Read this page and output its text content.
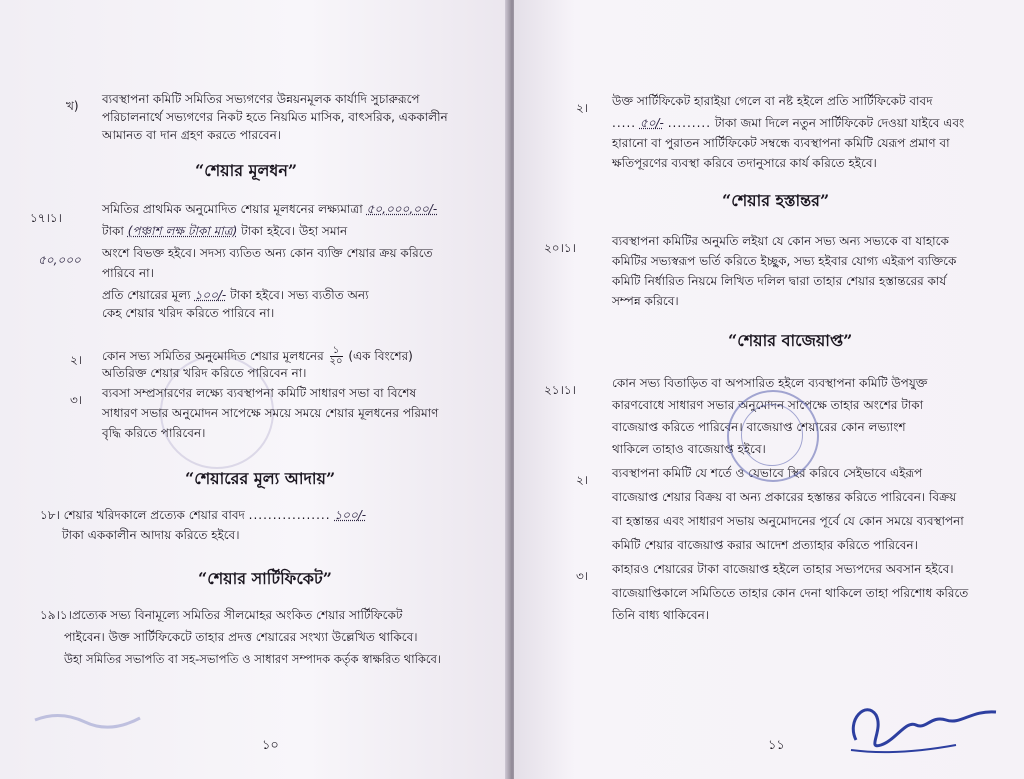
খ) ব্যবস্থাপনা কমিটি সমিতির সভ্যগণের উন্নয়নমূলক কার্যাদি সুচারুরূপে
পরিচালনার্থে সভ্যগণের নিকট হতে নিয়মিত মাসিক, বাৎসরিক, এককালীন
আমানত বা দান গ্রহণ করতে পারবেন।
“শেয়ার মূলধন”
১৭।১।
সমিতির প্রাথমিক অনুমোদিত শেয়ার মূলধনের লক্ষ্যমাত্রা ৫০,০০০,০০/-
টাকা (পঞ্চাশ লক্ষ টাকা মাত্র) টাকা হইবে। উহা সমান
৫০,০০০ অংশে বিভক্ত হইবে। সদস্য ব্যতিত অন্য কোন ব্যক্তি শেয়ার ক্রয় করিতে
পারিবে না।
প্রতি শেয়ারের মূল্য ১০০/- টাকা হইবে। সভ্য ব্যতীত অন্য
কেহ শেয়ার খরিদ করিতে পারিবে না।
২। কোন সভ্য সমিতির অনুমোদিত শেয়ার মূলধনের ১
২০ (এক বিংশের)
অতিরিক্ত শেয়ার খরিদ করিতে পারিবেন না।
৩। ব্যবসা সম্প্রসারণের লক্ষ্যে ব্যবস্থাপনা কমিটি সাধারণ সভা বা বিশেষ
সাধারণ সভার অনুমোদন সাপেক্ষে সময়ে সময়ে শেয়ার মূলধনের পরিমাণ
বৃদ্ধি করিতে পারিবেন।
“শেয়ারের মূল্য আদায়”
১৮। শেয়ার খরিদকালে প্রত্যেক শেয়ার বাবদ ................. ১০০/-
টাকা এককালীন আদায় করিতে হইবে।
“শেয়ার সার্টিফিকেট”
১৯।১।প্রত্যেক সভ্য বিনামূল্যে সমিতির সীলমোহর অংকিত শেয়ার সার্টিফিকেট
পাইবেন। উক্ত সার্টিফিকেটে তাহার প্রদত্ত শেয়ারের সংখ্যা উল্লেখিত থাকিবে।
উহা সমিতির সভাপতি বা সহ-সভাপতি ও সাধারণ সম্পাদক কর্তৃক স্বাক্ষরিত থাকিবে।
১০
২। উক্ত সার্টিফিকেট হারাইয়া গেলে বা নষ্ট হইলে প্রতি সার্টিফিকেট বাবদ
..... ৫০/- ......... টাকা জমা দিলে নতুন সার্টিফিকেট দেওয়া যাইবে এবং
হারানো বা পুরাতন সার্টিফিকেট সম্বন্ধে ব্যবস্থাপনা কমিটি যেরূপ প্রমাণ বা
ক্ষতিপূরণের ব্যবস্থা করিবে তদানুসারে কার্য করিতে হইবে।
“শেয়ার হস্তান্তর”
২০।১।	ব্যবস্থাপনা কমিটির অনুমতি লইয়া যে কোন সভ্য অন্য সভ্যকে বা যাহাকে
কমিটির সভ্যস্বরূপ ভর্তি করিতে ইচ্ছুক, সভ্য হইবার যোগ্য এইরূপ ব্যক্তিকে
কমিটি নির্ধারিত নিয়মে লিখিত দলিল দ্বারা তাহার শেয়ার হস্তান্তরের কার্য
সম্পন্ন করিবে।
“শেয়ার বাজেয়াপ্ত”
২১।১।	কোন সভ্য বিতাড়িত বা অপসারিত হইলে ব্যবস্থাপনা কমিটি উপযুক্ত
কারণবোধে সাধারণ সভার অনুমোদন সাপেক্ষে তাহার অংশের টাকা
বাজেয়াপ্ত করিতে পারিবেন। বাজেয়াপ্ত শেয়ারের কোন লভ্যাংশ
থাকিলে তাহাও বাজেয়াপ্ত হইবে।
২। ব্যবস্থাপনা কমিটি যে শর্তে ও যেভাবে স্থির করিবে সেইভাবে এইরূপ
বাজেয়াপ্ত শেয়ার বিক্রয় বা অন্য প্রকারের হস্তান্তর করিতে পারিবেন। বিক্রয়
বা হস্তান্তর এবং সাধারণ সভায় অনুমোদনের পূর্বে যে কোন সময়ে ব্যবস্থাপনা
কমিটি শেয়ার বাজেয়াপ্ত করার আদেশ প্রত্যাহার করিতে পারিবেন।
৩। কাহারও শেয়ারের টাকা বাজেয়াপ্ত হইলে তাহার সভ্যপদের অবসান হইবে।
বাজেয়াপ্তিকালে সমিতিতে তাহার কোন দেনা থাকিলে তাহা পরিশোধ করিতে
তিনি বাধ্য থাকিবেন।
১১
